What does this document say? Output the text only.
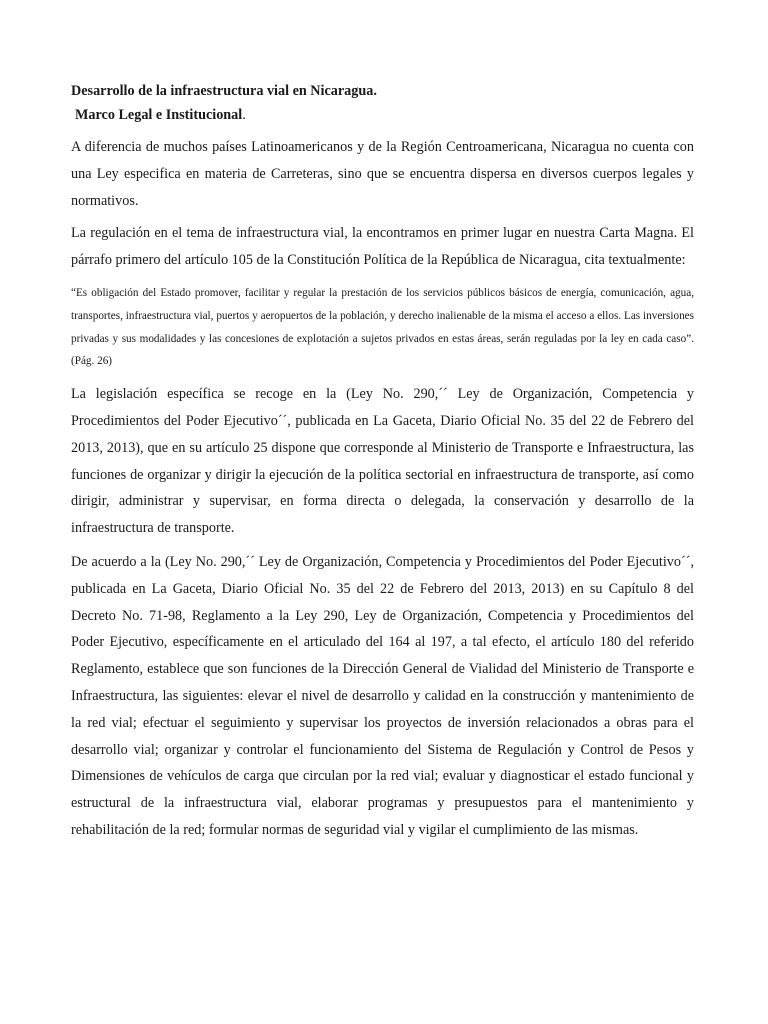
Desarrollo de la infraestructura vial en Nicaragua.

Marco Legal e Institucional.

A diferencia de muchos países Latinoamericanos y de la Región Centroamericana, Nicaragua no cuenta con una Ley especifica en materia de Carreteras, sino que se encuentra dispersa en diversos cuerpos legales y normativos.

La regulación en el tema de infraestructura vial, la encontramos en primer lugar en nuestra Carta Magna. El párrafo primero del artículo 105 de la Constitución Política de la República de Nicaragua, cita textualmente:

“Es obligación del Estado promover, facilitar y regular la prestación de los servicios públicos básicos de energía, comunicación, agua, transportes, infraestructura vial, puertos y aeropuertos de la población, y derecho inalienable de la misma el acceso a ellos. Las inversiones privadas y sus modalidades y las concesiones de explotación a sujetos privados en estas áreas, serán reguladas por la ley en cada caso”. (Pág. 26)

La legislación específica se recoge en la (Ley No. 290,´´ Ley de Organización, Competencia y Procedimientos del Poder Ejecutivo´´, publicada en La Gaceta, Diario Oficial No. 35 del 22 de Febrero del 2013, 2013), que en su artículo 25 dispone que corresponde al Ministerio de Transporte e Infraestructura, las funciones de organizar y dirigir la ejecución de la política sectorial en infraestructura de transporte, así como dirigir, administrar y supervisar, en forma directa o delegada, la conservación y desarrollo de la infraestructura de transporte.

De acuerdo a la (Ley No. 290,´´ Ley de Organización, Competencia y Procedimientos del Poder Ejecutivo´´, publicada en La Gaceta, Diario Oficial No. 35 del 22 de Febrero del 2013, 2013) en su Capítulo 8 del Decreto No. 71-98, Reglamento a la Ley 290, Ley de Organización, Competencia y Procedimientos del Poder Ejecutivo, específicamente en el articulado del 164 al 197, a tal efecto, el artículo 180 del referido Reglamento, establece que son funciones de la Dirección General de Vialidad del Ministerio de Transporte e Infraestructura, las siguientes: elevar el nivel de desarrollo y calidad en la construcción y mantenimiento de la red vial; efectuar el seguimiento y supervisar los proyectos de inversión relacionados a obras para el desarrollo vial; organizar y controlar el funcionamiento del Sistema de Regulación y Control de Pesos y Dimensiones de vehículos de carga que circulan por la red vial; evaluar y diagnosticar el estado funcional y estructural de la infraestructura vial, elaborar programas y presupuestos para el mantenimiento y rehabilitación de la red; formular normas de seguridad vial y vigilar el cumplimiento de las mismas.
